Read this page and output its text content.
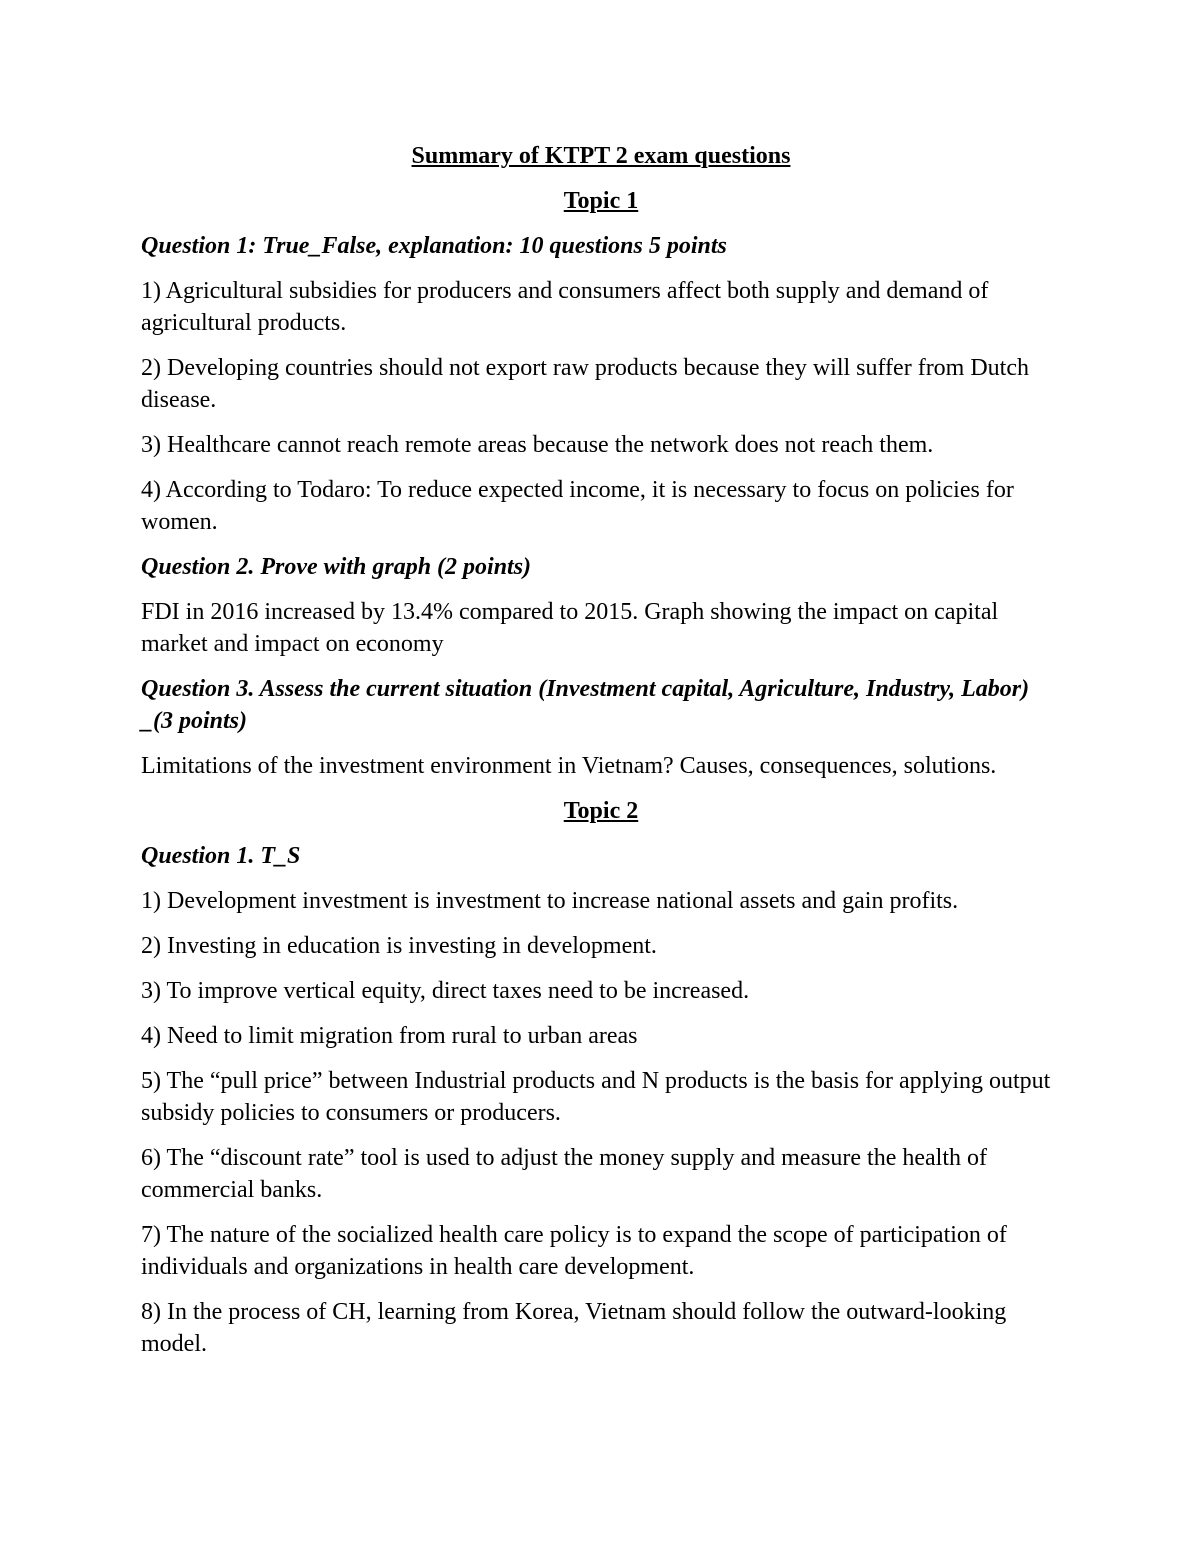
Summary of KTPT 2 exam questions
Topic 1
Question 1: True_False, explanation: 10 questions 5 points
1) Agricultural subsidies for producers and consumers affect both supply and demand of agricultural products.
2) Developing countries should not export raw products because they will suffer from Dutch disease.
3) Healthcare cannot reach remote areas because the network does not reach them.
4) According to Todaro: To reduce expected income, it is necessary to focus on policies for women.
Question 2. Prove with graph (2 points)
FDI in 2016 increased by 13.4% compared to 2015. Graph showing the impact on capital market and impact on economy
Question 3. Assess the current situation (Investment capital, Agriculture, Industry, Labor) _(3 points)
Limitations of the investment environment in Vietnam? Causes, consequences, solutions.
Topic 2
Question 1. T_S
1) Development investment is investment to increase national assets and gain profits.
2) Investing in education is investing in development.
3) To improve vertical equity, direct taxes need to be increased.
4) Need to limit migration from rural to urban areas
5) The “pull price” between Industrial products and N products is the basis for applying output subsidy policies to consumers or producers.
6) The “discount rate” tool is used to adjust the money supply and measure the health of commercial banks.
7) The nature of the socialized health care policy is to expand the scope of participation of individuals and organizations in health care development.
8) In the process of CH, learning from Korea, Vietnam should follow the outward-looking model.
